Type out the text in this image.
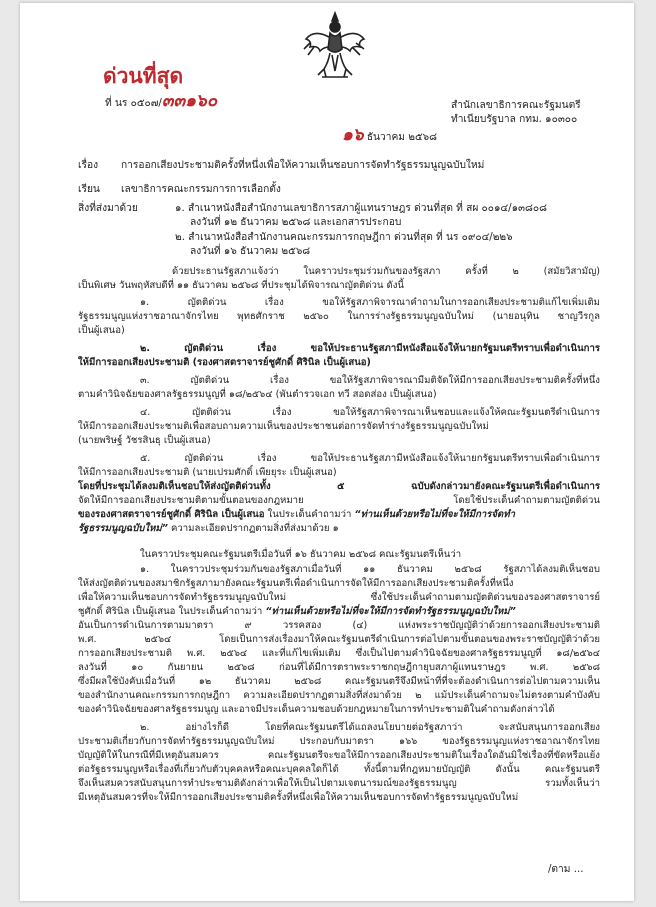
ด่วนที่สุด
ที่ นร ๐๕๐๗/๓๓๑๖๐	สำนักเลขาธิการคณะรัฐมนตรี
ทำเนียบรัฐบาล กทม. ๑๐๓๐๐
๑๖ ธันวาคม ๒๕๖๘
เรื่อง การออกเสียงประชามติครั้งที่หนึ่งเพื่อให้ความเห็นชอบการจัดทำรัฐธรรมนูญฉบับใหม่
เรียน เลขาธิการคณะกรรมการการเลือกตั้ง
สิ่งที่ส่งมาด้วย	๑. สำเนาหนังสือสำนักงานเลขาธิการสภาผู้แทนราษฎร ด่วนที่สุด ที่ สผ ๐๐๑๔/๑๓๘๐๘
ลงวันที่ ๑๒ ธันวาคม ๒๕๖๘ และเอกสารประกอบ
๒. สำเนาหนังสือสำนักงานคณะกรรมการกฤษฎีกา ด่วนที่สุด ที่ นร ๐๙๐๔/๒๒๖
ลงวันที่ ๑๖ ธันวาคม ๒๕๖๘
ด้วยประธานรัฐสภาแจ้งว่า ในคราวประชุมร่วมกันของรัฐสภา ครั้งที่ ๒ (สมัยวิสามัญ)
เป็นพิเศษ วันพฤหัสบดีที่ ๑๑ ธันวาคม ๒๕๖๘ ที่ประชุมได้พิจารณาญัตติด่วน ดังนี้
๑. ญัตติด่วน เรื่อง ขอให้รัฐสภาพิจารณาคำถามในการออกเสียงประชามติแก้ไขเพิ่มเติม
รัฐธรรมนูญแห่งราชอาณาจักรไทย พุทธศักราช ๒๕๖๐ ในการร่างรัฐธรรมนูญฉบับใหม่ (นายอนุทิน ชาญวีรกูล
เป็นผู้เสนอ)
๒. ญัตติด่วน เรื่อง ขอให้ประธานรัฐสภามีหนังสือแจ้งให้นายกรัฐมนตรีทราบเพื่อดำเนินการ
ให้มีการออกเสียงประชามติ (รองศาสตราจารย์ชูศักดิ์ ศิรินิล เป็นผู้เสนอ)
๓. ญัตติด่วน เรื่อง ขอให้รัฐสภาพิจารณามีมติจัดให้มีการออกเสียงประชามติครั้งที่หนึ่ง
ตามคำวินิจฉัยของศาลรัฐธรรมนูญที่ ๑๘/๒๕๖๔ (พันตำรวจเอก ทวี สอดส่อง เป็นผู้เสนอ)
๔. ญัตติด่วน เรื่อง ขอให้รัฐสภาพิจารณาเห็นชอบและแจ้งให้คณะรัฐมนตรีดำเนินการ
ให้มีการออกเสียงประชามติเพื่อสอบถามความเห็นของประชาชนต่อการจัดทำร่างรัฐธรรมนูญฉบับใหม่
(นายพริษฐ์ วัชรสินธุ เป็นผู้เสนอ)
๕. ญัตติด่วน เรื่อง ขอให้ประธานรัฐสภามีหนังสือแจ้งให้นายกรัฐมนตรีทราบเพื่อดำเนินการ
ให้มีการออกเสียงประชามติ (นายเปรมศักดิ์ เพียยุระ เป็นผู้เสนอ)
โดยที่ประชุมได้ลงมติเห็นชอบให้ส่งญัตติด่วนทั้ง ๕ ฉบับดังกล่าวมายังคณะรัฐมนตรีเพื่อดำเนินการ
จัดให้มีการออกเสียงประชามติตามขั้นตอนของกฎหมาย โดยใช้ประเด็นคำถามตามญัตติด่วน
ของรองศาสตราจารย์ชูศักดิ์ ศิรินิล เป็นผู้เสนอ ในประเด็นคำถามว่า “ท่านเห็นด้วยหรือไม่ที่จะให้มีการจัดทำ
รัฐธรรมนูญฉบับใหม่” ความละเอียดปรากฏตามสิ่งที่ส่งมาด้วย ๑
ในคราวประชุมคณะรัฐมนตรีเมื่อวันที่ ๑๖ ธันวาคม ๒๕๖๘ คณะรัฐมนตรีเห็นว่า
๑. ในคราวประชุมร่วมกันของรัฐสภาเมื่อวันที่ ๑๑ ธันวาคม ๒๕๖๘ รัฐสภาได้ลงมติเห็นชอบ
ให้ส่งญัตติด่วนของสมาชิกรัฐสภามายังคณะรัฐมนตรีเพื่อดำเนินการจัดให้มีการออกเสียงประชามติครั้งที่หนึ่ง
เพื่อให้ความเห็นชอบการจัดทำรัฐธรรมนูญฉบับใหม่ ซึ่งใช้ประเด็นคำถามตามญัตติด่วนของรองศาสตราจารย์
ชูศักดิ์ ศิรินิล เป็นผู้เสนอ ในประเด็นคำถามว่า “ท่านเห็นด้วยหรือไม่ที่จะให้มีการจัดทำรัฐธรรมนูญฉบับใหม่”
อันเป็นการดำเนินการตามมาตรา ๙ วรรคสอง (๔) แห่งพระราชบัญญัติว่าด้วยการออกเสียงประชามติ
พ.ศ. ๒๕๖๔ โดยเป็นการส่งเรื่องมาให้คณะรัฐมนตรีดำเนินการต่อไปตามขั้นตอนของพระราชบัญญัติว่าด้วย
การออกเสียงประชามติ พ.ศ. ๒๕๖๔ และที่แก้ไขเพิ่มเติม ซึ่งเป็นไปตามคำวินิจฉัยของศาลรัฐธรรมนูญที่ ๑๘/๒๕๖๔
ลงวันที่ ๑๐ กันยายน ๒๕๖๘ ก่อนที่ได้มีการตราพระราชกฤษฎีกายุบสภาผู้แทนราษฎร พ.ศ. ๒๕๖๘
ซึ่งมีผลใช้บังคับเมื่อวันที่ ๑๒ ธันวาคม ๒๕๖๘ คณะรัฐมนตรีจึงมีหน้าที่ที่จะต้องดำเนินการต่อไปตามความเห็น
ของสำนักงานคณะกรรมการกฤษฎีกา ความละเอียดปรากฏตามสิ่งที่ส่งมาด้วย ๒ แม้ประเด็นคำถามจะไม่ตรงตามคำบังคับ
ของคำวินิจฉัยของศาลรัฐธรรมนูญ และอาจมีประเด็นความชอบด้วยกฎหมายในการทำประชามติในคำถามดังกล่าวได้
๒. อย่างไรก็ดี โดยที่คณะรัฐมนตรีได้แถลงนโยบายต่อรัฐสภาว่า จะสนับสนุนการออกเสียง
ประชามติเกี่ยวกับการจัดทำรัฐธรรมนูญฉบับใหม่ ประกอบกับมาตรา ๑๖๖ ของรัฐธรรมนูญแห่งราชอาณาจักรไทย
บัญญัติให้ในกรณีที่มีเหตุอันสมควร คณะรัฐมนตรีจะขอให้มีการออกเสียงประชามติในเรื่องใดอันมิใช่เรื่องที่ขัดหรือแย้ง
ต่อรัฐธรรมนูญหรือเรื่องที่เกี่ยวกับตัวบุคคลหรือคณะบุคคลใดก็ได้ ทั้งนี้ตามที่กฎหมายบัญญัติ ดังนั้น คณะรัฐมนตรี
จึงเห็นสมควรสนับสนุนการทำประชามติดังกล่าวเพื่อให้เป็นไปตามเจตนารมณ์ของรัฐธรรมนูญ รวมทั้งเห็นว่า
มีเหตุอันสมควรที่จะให้มีการออกเสียงประชามติครั้งที่หนึ่งเพื่อให้ความเห็นชอบการจัดทำรัฐธรรมนูญฉบับใหม่
/ตาม ...
